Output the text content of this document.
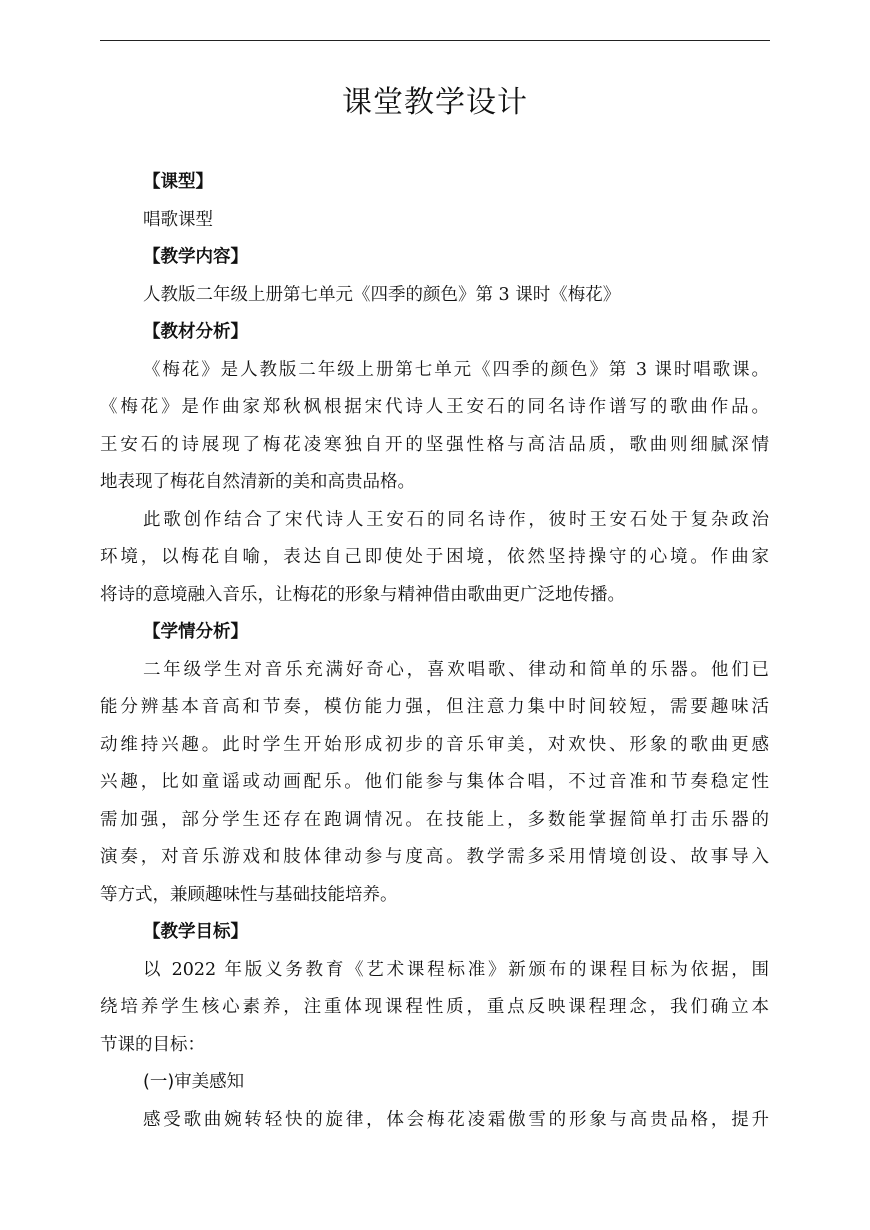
课堂教学设计

【课型】

唱歌课型

【教学内容】

人教版二年级上册第七单元《四季的颜色》第 3 课时《梅花》

【教材分析】

《梅花》是人教版二年级上册第七单元《四季的颜色》第 3 课时唱歌课。

《梅花》是作曲家郑秋枫根据宋代诗人王安石的同名诗作谱写的歌曲作品。

王安石的诗展现了梅花凌寒独自开的坚强性格与高洁品质，歌曲则细腻深情

地表现了梅花自然清新的美和高贵品格。

此歌创作结合了宋代诗人王安石的同名诗作，彼时王安石处于复杂政治

环境，以梅花自喻，表达自己即使处于困境，依然坚持操守的心境。作曲家

将诗的意境融入音乐，让梅花的形象与精神借由歌曲更广泛地传播。

【学情分析】

二年级学生对音乐充满好奇心，喜欢唱歌、律动和简单的乐器。他们已

能分辨基本音高和节奏，模仿能力强，但注意力集中时间较短，需要趣味活

动维持兴趣。此时学生开始形成初步的音乐审美，对欢快、形象的歌曲更感

兴趣，比如童谣或动画配乐。他们能参与集体合唱，不过音准和节奏稳定性

需加强，部分学生还存在跑调情况。在技能上，多数能掌握简单打击乐器的

演奏，对音乐游戏和肢体律动参与度高。教学需多采用情境创设、故事导入

等方式，兼顾趣味性与基础技能培养。

【教学目标】

以 2022 年版义务教育《艺术课程标准》新颁布的课程目标为依据，围

绕培养学生核心素养，注重体现课程性质，重点反映课程理念，我们确立本

节课的目标：

(一)审美感知

感受歌曲婉转轻快的旋律，体会梅花凌霜傲雪的形象与高贵品格，提升
